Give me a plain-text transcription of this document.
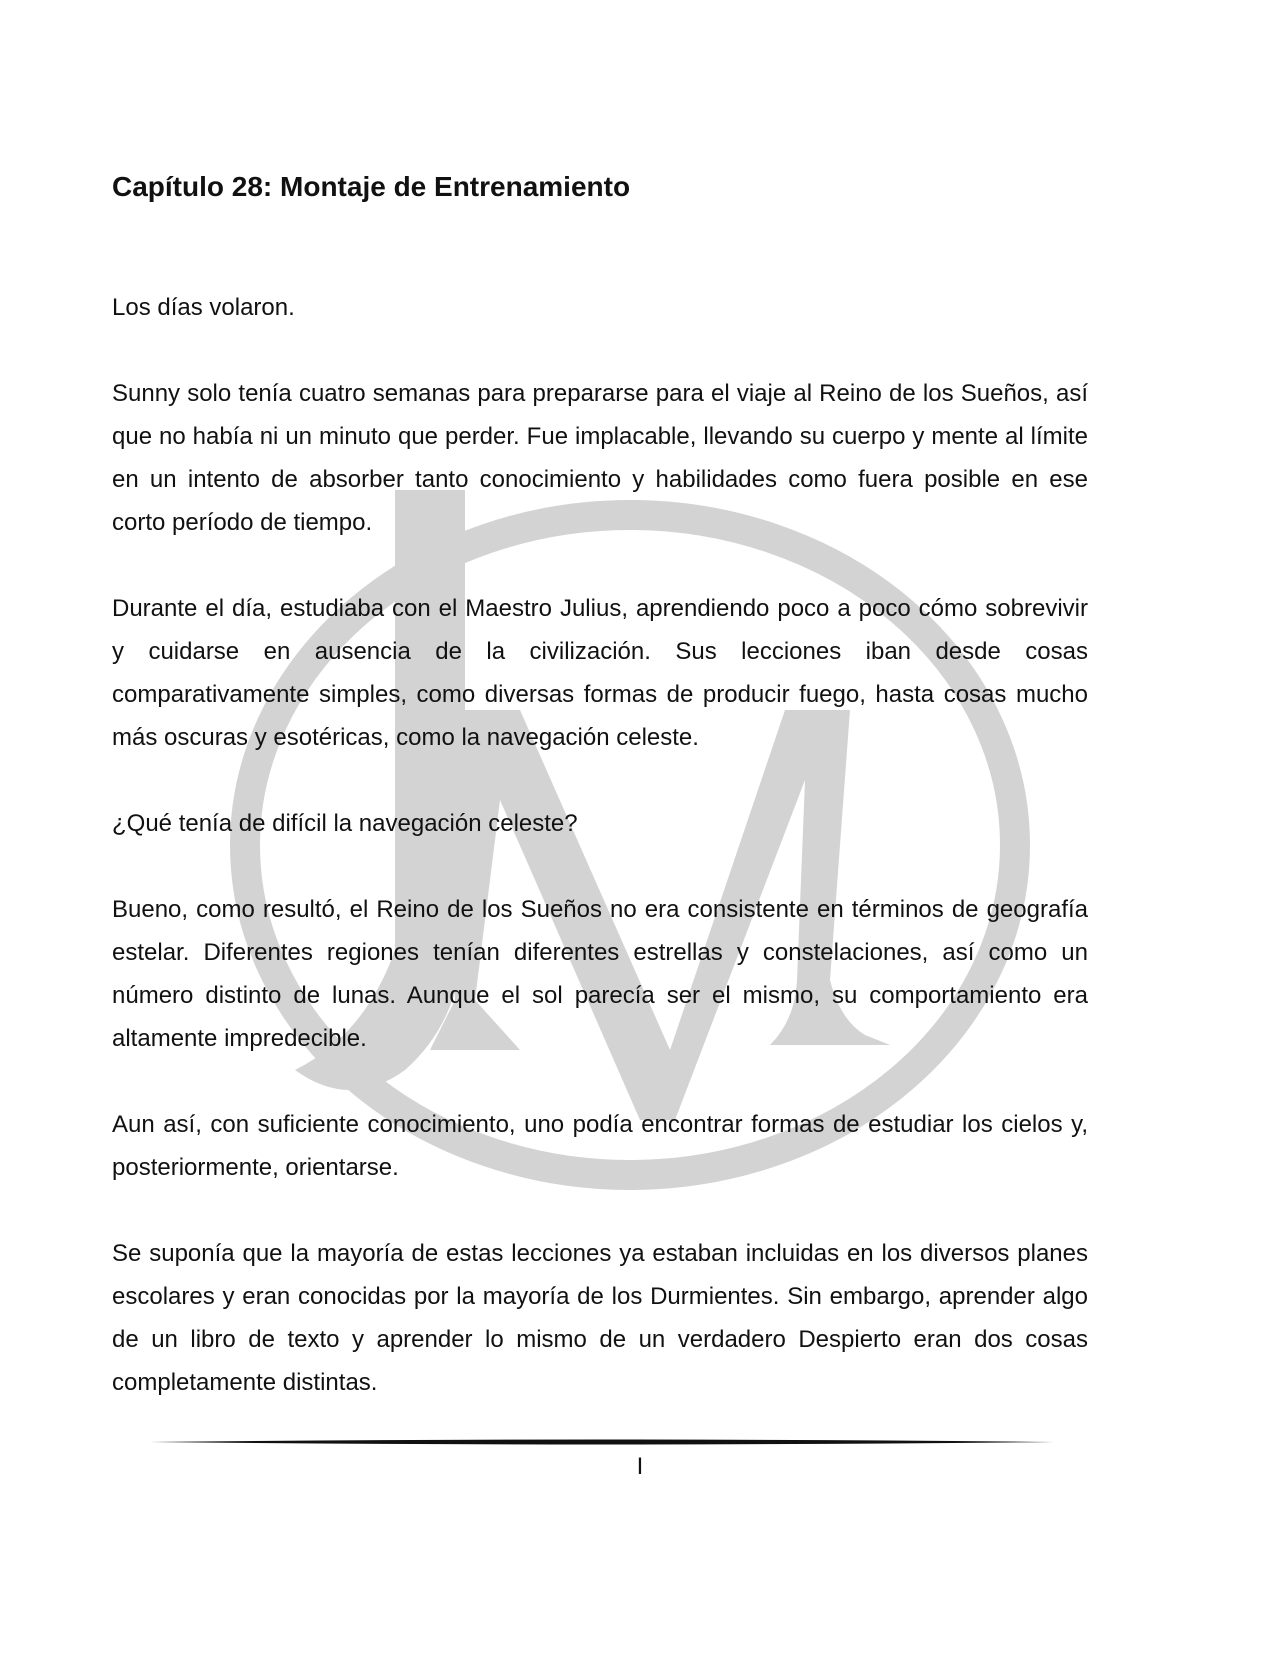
Capítulo 28: Montaje de Entrenamiento

Los días volaron.

Sunny solo tenía cuatro semanas para prepararse para el viaje al Reino de los Sueños, así que no había ni un minuto que perder. Fue implacable, llevando su cuerpo y mente al límite en un intento de absorber tanto conocimiento y habilidades como fuera posible en ese corto período de tiempo.

Durante el día, estudiaba con el Maestro Julius, aprendiendo poco a poco cómo sobrevivir y cuidarse en ausencia de la civilización. Sus lecciones iban desde cosas comparativamente simples, como diversas formas de producir fuego, hasta cosas mucho más oscuras y esotéricas, como la navegación celeste.

¿Qué tenía de difícil la navegación celeste?

Bueno, como resultó, el Reino de los Sueños no era consistente en términos de geografía estelar. Diferentes regiones tenían diferentes estrellas y constelaciones, así como un número distinto de lunas. Aunque el sol parecía ser el mismo, su comportamiento era altamente impredecible.

Aun así, con suficiente conocimiento, uno podía encontrar formas de estudiar los cielos y, posteriormente, orientarse.

Se suponía que la mayoría de estas lecciones ya estaban incluidas en los diversos planes escolares y eran conocidas por la mayoría de los Durmientes. Sin embargo, aprender algo de un libro de texto y aprender lo mismo de un verdadero Despierto eran dos cosas completamente distintas.

I
